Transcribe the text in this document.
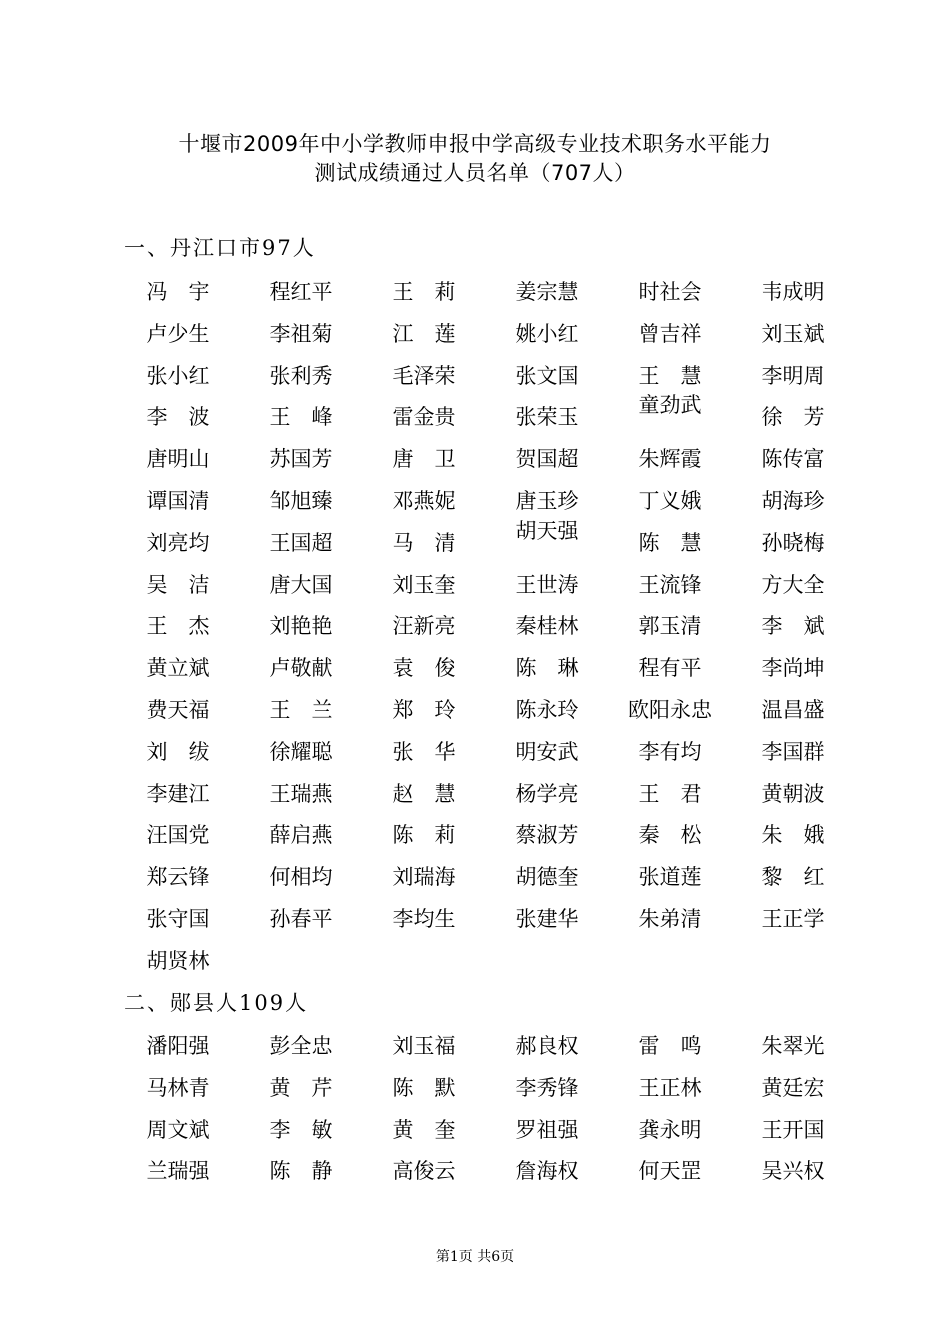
十堰市2009年中小学教师申报中学高级专业技术职务水平能力
测试成绩通过人员名单（707人）
一、丹江口市97人
冯　宇	程红平	王　莉	姜宗慧	时社会	韦成明
卢少生	李祖菊	江　莲	姚小红	曾吉祥	刘玉斌
张小红	张利秀	毛泽荣	张文国	王　慧	李明周
李　波	王　峰	雷金贵	张荣玉	童劲武	徐　芳
唐明山	苏国芳	唐　卫	贺国超	朱辉霞	陈传富
谭国清	邹旭臻	邓燕妮	唐玉珍	丁义娥	胡海珍
刘亮均	王国超	马　清	胡天强	陈　慧	孙晓梅
吴　洁	唐大国	刘玉奎	王世涛	王流锋	方大全
王　杰	刘艳艳	汪新亮	秦桂林	郭玉清	李　斌
黄立斌	卢敬献	袁　俊	陈　琳	程有平	李尚坤
费天福	王　兰	郑　玲	陈永玲	欧阳永忠	温昌盛
刘　绂	徐耀聪	张　华	明安武	李有均	李国群
李建江	王瑞燕	赵　慧	杨学亮	王　君	黄朝波
汪国党	薛启燕	陈　莉	蔡淑芳	秦　松	朱　娥
郑云锋	何相均	刘瑞海	胡德奎	张道莲	黎　红
张守国	孙春平	李均生	张建华	朱弟清	王正学
胡贤林
二、郧县人109人
潘阳强	彭全忠	刘玉福	郝良权	雷　鸣	朱翠光
马林青	黄　芹	陈　默	李秀锋	王正林	黄廷宏
周文斌	李　敏	黄　奎	罗祖强	龚永明	王开国
兰瑞强	陈　静	高俊云	詹海权	何天罡	吴兴权
第1页 共6页
